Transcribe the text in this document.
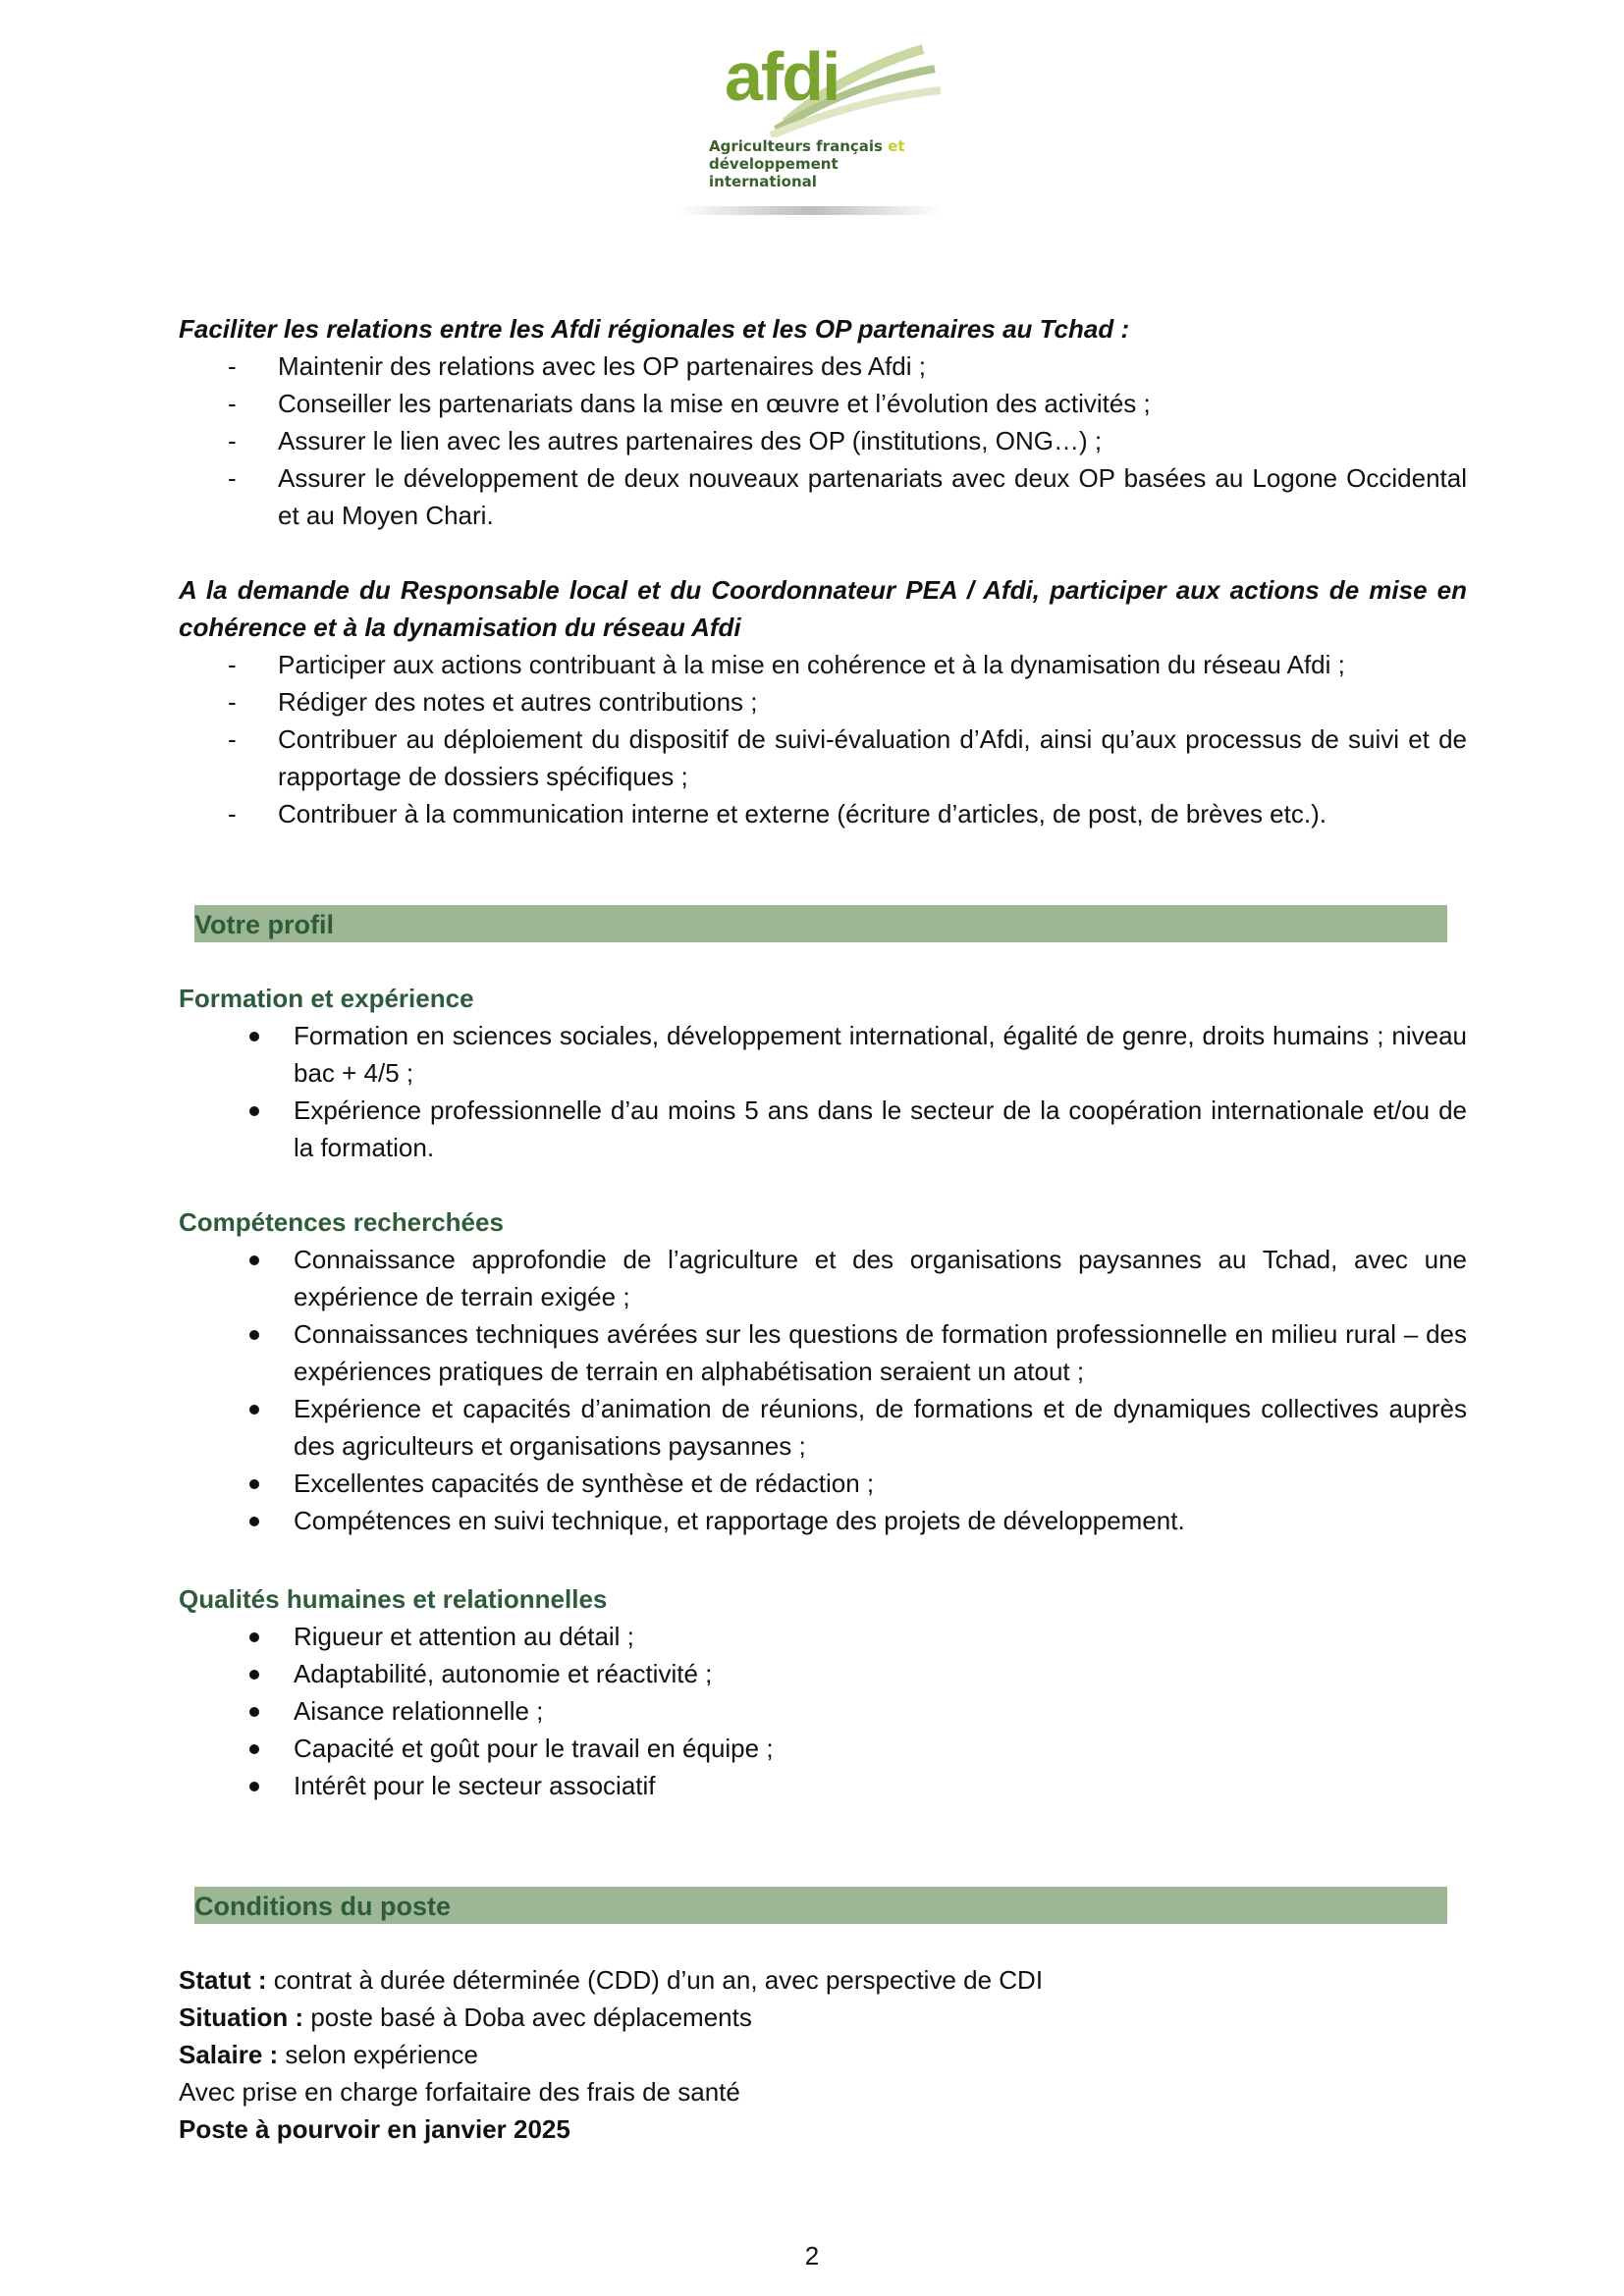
afdi
Agriculteurs français et
développement international

Faciliter les relations entre les Afdi régionales et les OP partenaires au Tchad :

- Maintenir des relations avec les OP partenaires des Afdi ;
- Conseiller les partenariats dans la mise en œuvre et l’évolution des activités ;
- Assurer le lien avec les autres partenaires des OP (institutions, ONG…) ;
- Assurer le développement de deux nouveaux partenariats avec deux OP basées au Logone Occidental et au Moyen Chari.

A la demande du Responsable local et du Coordonnateur PEA / Afdi, participer aux actions de mise en cohérence et à la dynamisation du réseau Afdi

- Participer aux actions contribuant à la mise en cohérence et à la dynamisation du réseau Afdi ;
- Rédiger des notes et autres contributions ;
- Contribuer au déploiement du dispositif de suivi-évaluation d’Afdi, ainsi qu’aux processus de suivi et de rapportage de dossiers spécifiques ;
- Contribuer à la communication interne et externe (écriture d’articles, de post, de brèves etc.).
Votre profil

Formation et expérience

Formation en sciences sociales, développement international, égalité de genre, droits humains ; niveau bac + 4/5 ;
Expérience professionnelle d’au moins 5 ans dans le secteur de la coopération internationale et/ou de la formation.

Compétences recherchées

Connaissance approfondie de l’agriculture et des organisations paysannes au Tchad, avec une expérience de terrain exigée ;
Connaissances techniques avérées sur les questions de formation professionnelle en milieu rural – des expériences pratiques de terrain en alphabétisation seraient un atout ;
Expérience et capacités d’animation de réunions, de formations et de dynamiques collectives auprès des agriculteurs et organisations paysannes ;
Excellentes capacités de synthèse et de rédaction ;
Compétences en suivi technique, et rapportage des projets de développement.

Qualités humaines et relationnelles

Rigueur et attention au détail ;
Adaptabilité, autonomie et réactivité ;
Aisance relationnelle ;
Capacité et goût pour le travail en équipe ;
Intérêt pour le secteur associatif
Conditions du poste

Statut : contrat à durée déterminée (CDD) d’un an, avec perspective de CDI

Situation : poste basé à Doba avec déplacements

Salaire : selon expérience

Avec prise en charge forfaitaire des frais de santé

Poste à pourvoir en janvier 2025

2
